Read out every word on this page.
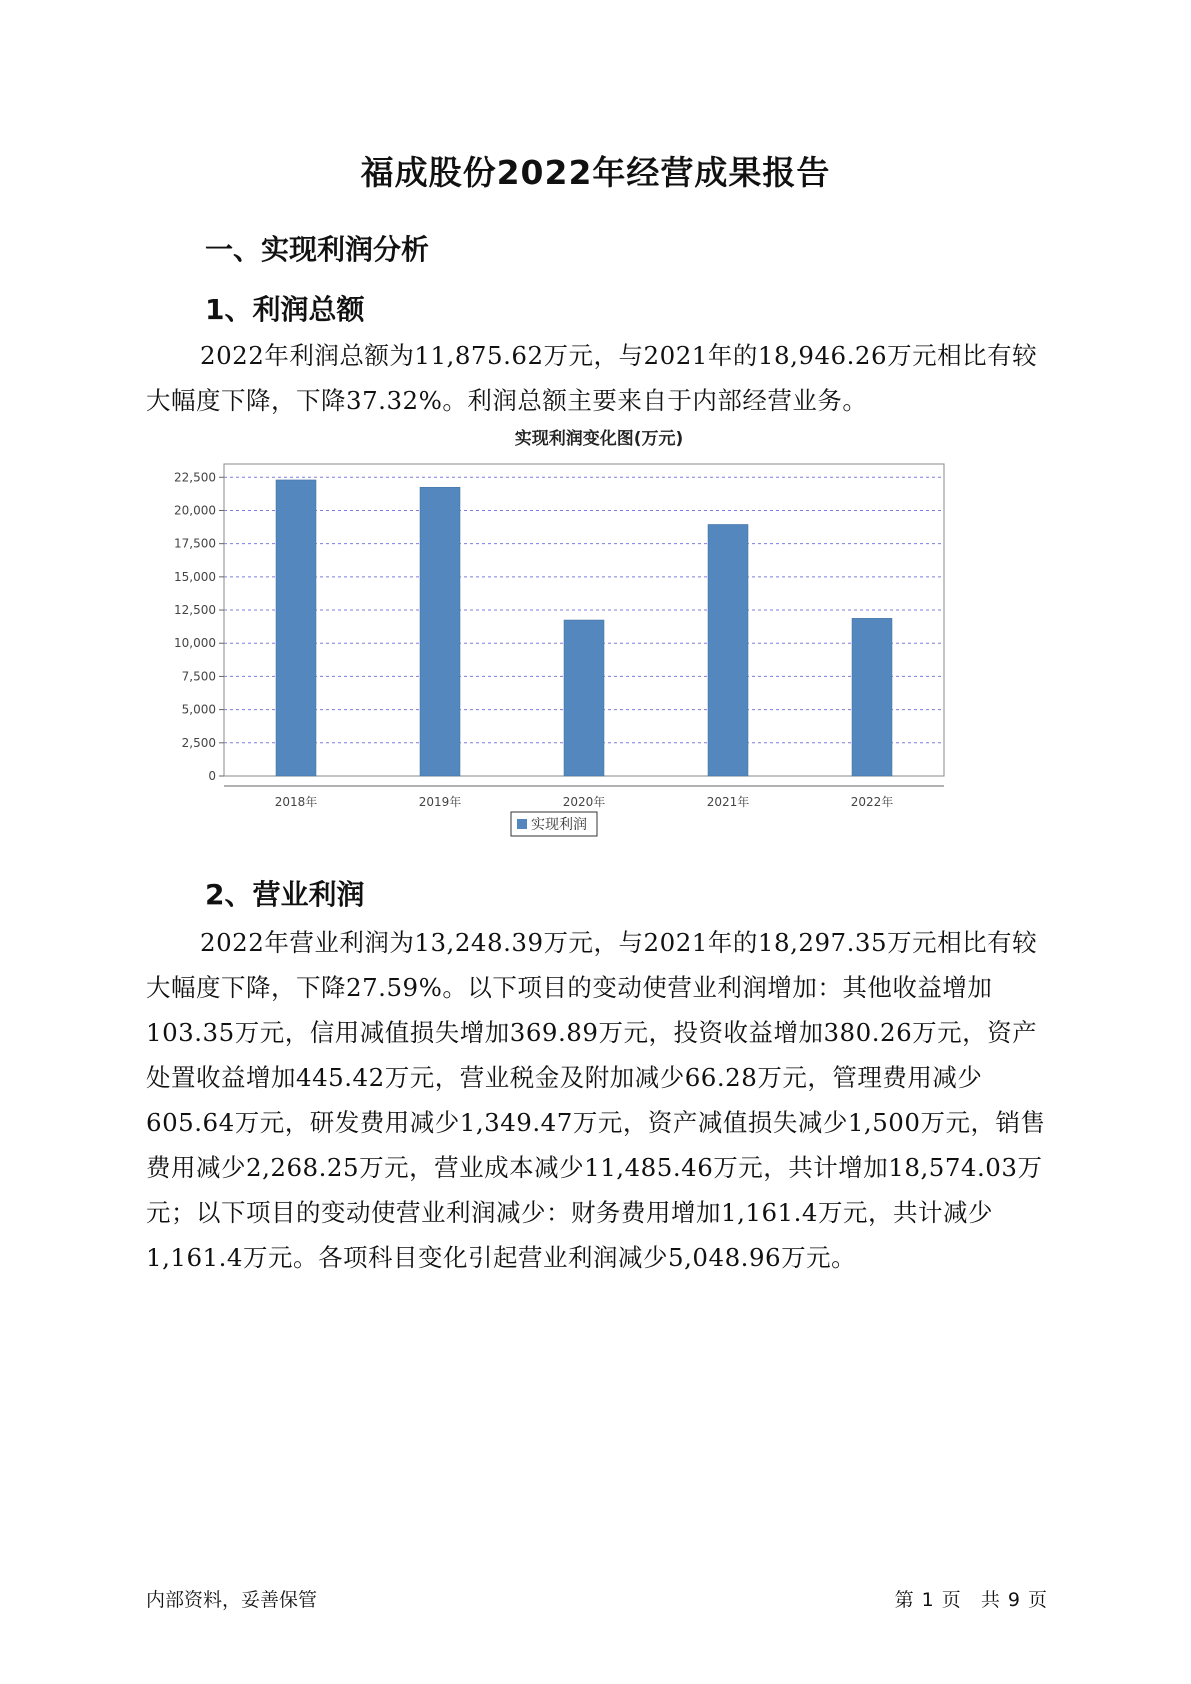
福成股份2022年经营成果报告
一、实现利润分析
1、利润总额

2022年利润总额为11,875.62万元，与2021年的18,946.26万元相比有较大幅度下降，下降37.32%。利润总额主要来自于内部经营业务。

实现利润变化图(万元)
0
2,500
5,000
7,500
10,000
12,500
15,000
17,500
20,000
22,500
2018年	2019年	2020年	2021年	2022年
实现利润
2、营业利润

2022年营业利润为13,248.39万元，与2021年的18,297.35万元相比有较大幅度下降，下降27.59%。以下项目的变动使营业利润增加：其他收益增加103.35万元，信用减值损失增加369.89万元，投资收益增加380.26万元，资产处置收益增加445.42万元，营业税金及附加减少66.28万元，管理费用减少605.64万元，研发费用减少1,349.47万元，资产减值损失减少1,500万元，销售费用减少2,268.25万元，营业成本减少11,485.46万元，共计增加18,574.03万元；以下项目的变动使营业利润减少：财务费用增加1,161.4万元，共计减少1,161.4万元。各项科目变化引起营业利润减少5,048.96万元。

内部资料，妥善保管	第 1 页 共 9 页
